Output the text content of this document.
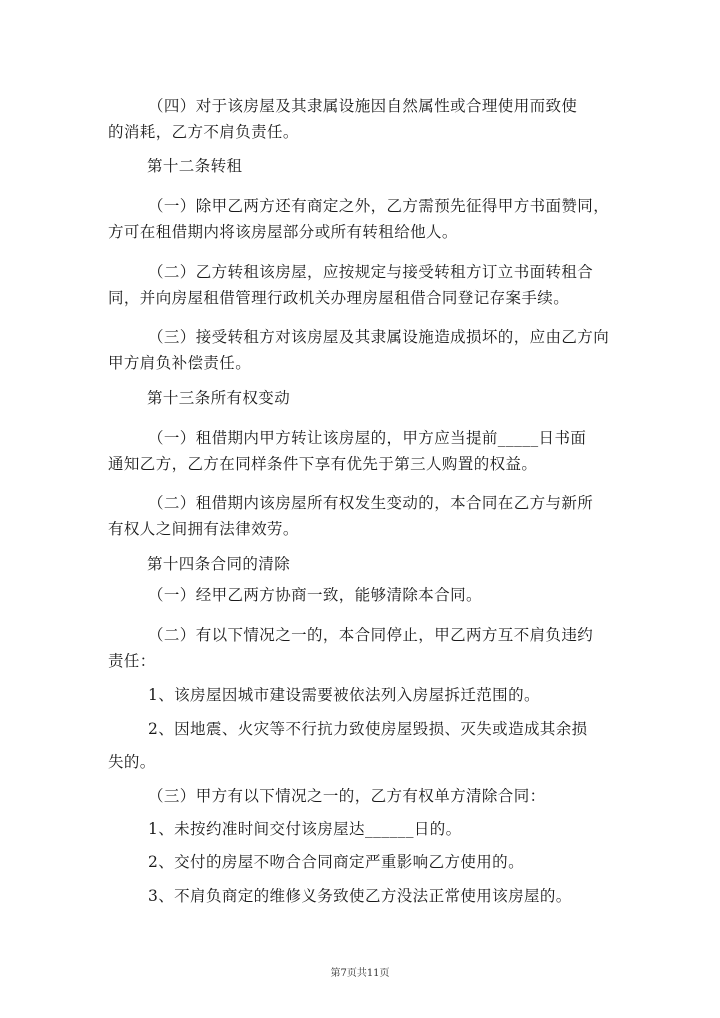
（四）对于该房屋及其隶属设施因自然属性或合理使用而致使
的消耗，乙方不肩负责任。
第十二条转租
（一）除甲乙两方还有商定之外，乙方需预先征得甲方书面赞同，
方可在租借期内将该房屋部分或所有转租给他人。
（二）乙方转租该房屋，应按规定与接受转租方订立书面转租合
同，并向房屋租借管理行政机关办理房屋租借合同登记存案手续。
（三）接受转租方对该房屋及其隶属设施造成损坏的，应由乙方向
甲方肩负补偿责任。
第十三条所有权变动
（一）租借期内甲方转让该房屋的，甲方应当提前_____日书面
通知乙方，乙方在同样条件下享有优先于第三人购置的权益。
（二）租借期内该房屋所有权发生变动的，本合同在乙方与新所
有权人之间拥有法律效劳。
第十四条合同的清除
（一）经甲乙两方协商一致，能够清除本合同。
（二）有以下情况之一的，本合同停止，甲乙两方互不肩负违约
责任：
1、该房屋因城市建设需要被依法列入房屋拆迁范围的。
2、因地震、火灾等不行抗力致使房屋毁损、灭失或造成其余损
失的。
（三）甲方有以下情况之一的，乙方有权单方清除合同：
1、未按约准时间交付该房屋达______日的。
2、交付的房屋不吻合合同商定严重影响乙方使用的。
3、不肩负商定的维修义务致使乙方没法正常使用该房屋的。
第7页共11页
